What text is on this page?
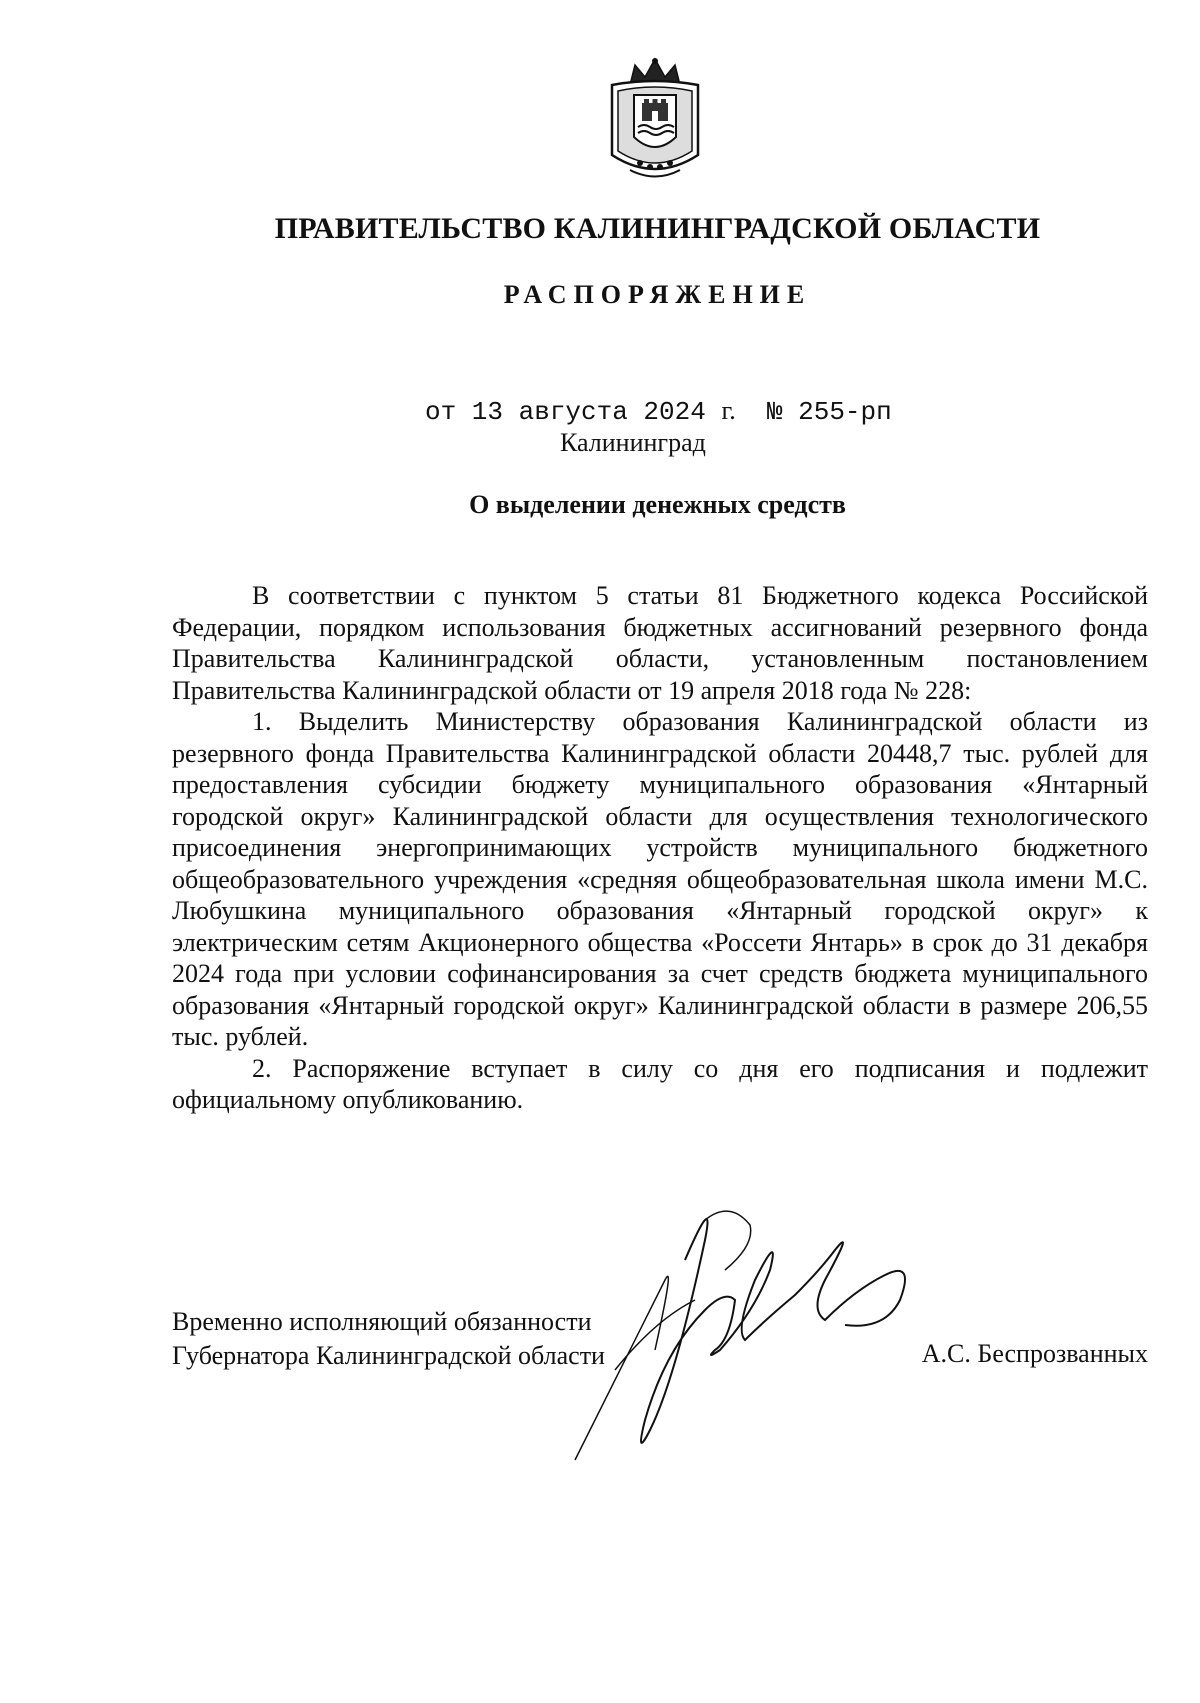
ПРАВИТЕЛЬСТВО КАЛИНИНГРАДСКОЙ ОБЛАСТИ
РАСПОРЯЖЕНИЕ
от 13 августа 2024 г. № 255-рп
Калининград
О выделении денежных средств

В соответствии с пунктом 5 статьи 81 Бюджетного кодекса Российской Федерации, порядком использования бюджетных ассигнований резервного фонда Правительства Калининградской области, установленным постановлением Правительства Калининградской области от 19 апреля 2018 года № 228:

1. Выделить Министерству образования Калининградской области из резервного фонда Правительства Калининградской области 20448,7 тыс. рублей для предоставления субсидии бюджету муниципального образования «Янтарный городской округ» Калининградской области для осуществления технологического присоединения энергопринимающих устройств муниципального бюджетного общеобразовательного учреждения «средняя общеобразовательная школа имени М.С. Любушкина муниципального образования «Янтарный городской округ» к электрическим сетям Акционерного общества «Россети Янтарь» в срок до 31 декабря 2024 года при условии софинансирования за счет средств бюджета муниципального образования «Янтарный городской округ» Калининградской области в размере 206,55 тыс. рублей.

2. Распоряжение вступает в силу со дня его подписания и подлежит официальному опубликованию.

Временно исполняющий обязанности
Губернатора Калининградской области	А.С. Беспрозванных
